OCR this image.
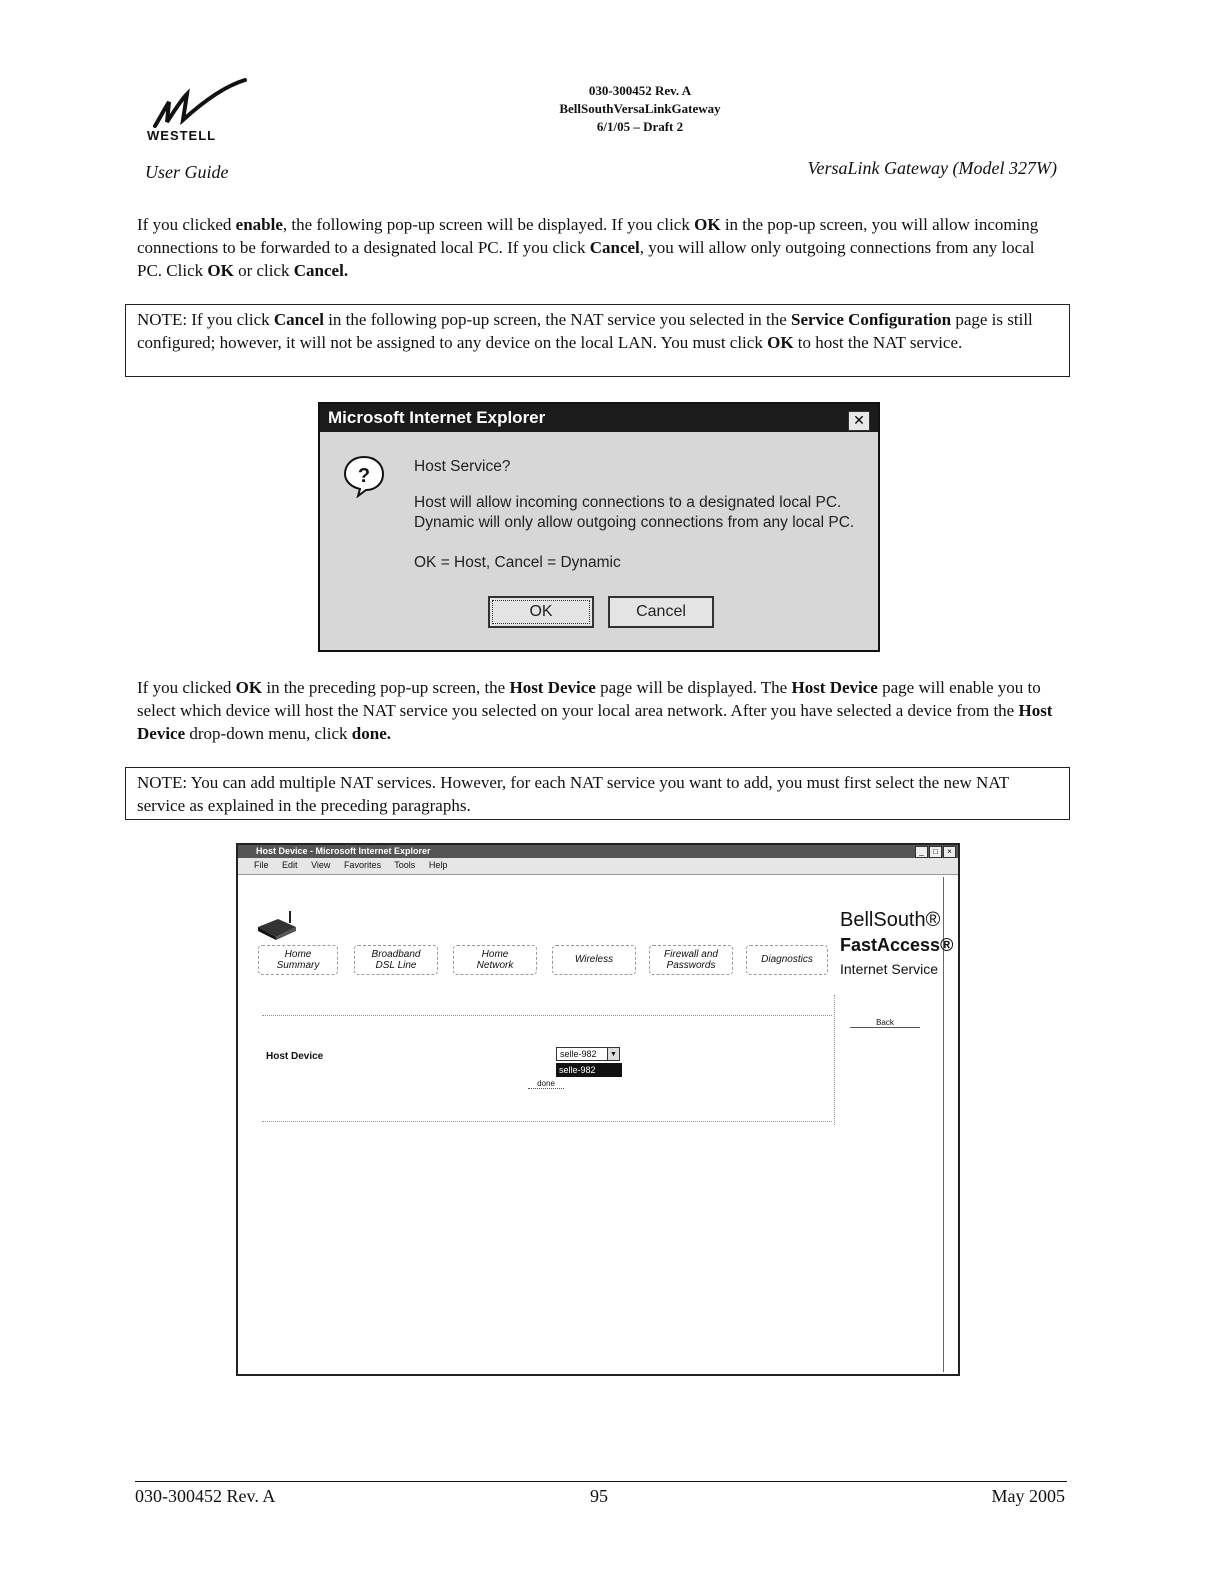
WESTELL
030-300452 Rev. A
BellSouthVersaLinkGateway
6/1/05 – Draft 2
User Guide	VersaLink Gateway (Model 327W)
If you clicked enable, the following pop-up screen will be displayed. If you click OK in the pop-up screen, you will allow incoming connections to be forwarded to a designated local PC. If you click Cancel, you will allow only outgoing connections from any local PC. Click OK or click Cancel.
NOTE: If you click Cancel in the following pop-up screen, the NAT service you selected in the Service Configuration page is still configured; however, it will not be assigned to any device on the local LAN. You must click OK to host the NAT service.
Microsoft Internet Explorer	✕
?	Host Service?
Host will allow incoming connections to a designated local PC.
Dynamic will only allow outgoing connections from any local PC.
OK = Host, Cancel = Dynamic
OK	Cancel
If you clicked OK in the preceding pop-up screen, the Host Device page will be displayed. The Host Device page will enable you to select which device will host the NAT service you selected on your local area network. After you have selected a device from the Host Device drop-down menu, click done.
NOTE: You can add multiple NAT services. However, for each NAT service you want to add, you must first select the new NAT service as explained in the preceding paragraphs.
Host Device - Microsoft Internet Explorer	_	□	×
File Edit View Favorites Tools Help
Home
Summary
Broadband
DSL Line
Home
Network
Wireless	Firewall and
Passwords
Diagnostics
BellSouth®
FastAccess®
Internet Service
Back
Host Device	selle-982	▼
selle-982
done
030-300452 Rev. A	95	May 2005
